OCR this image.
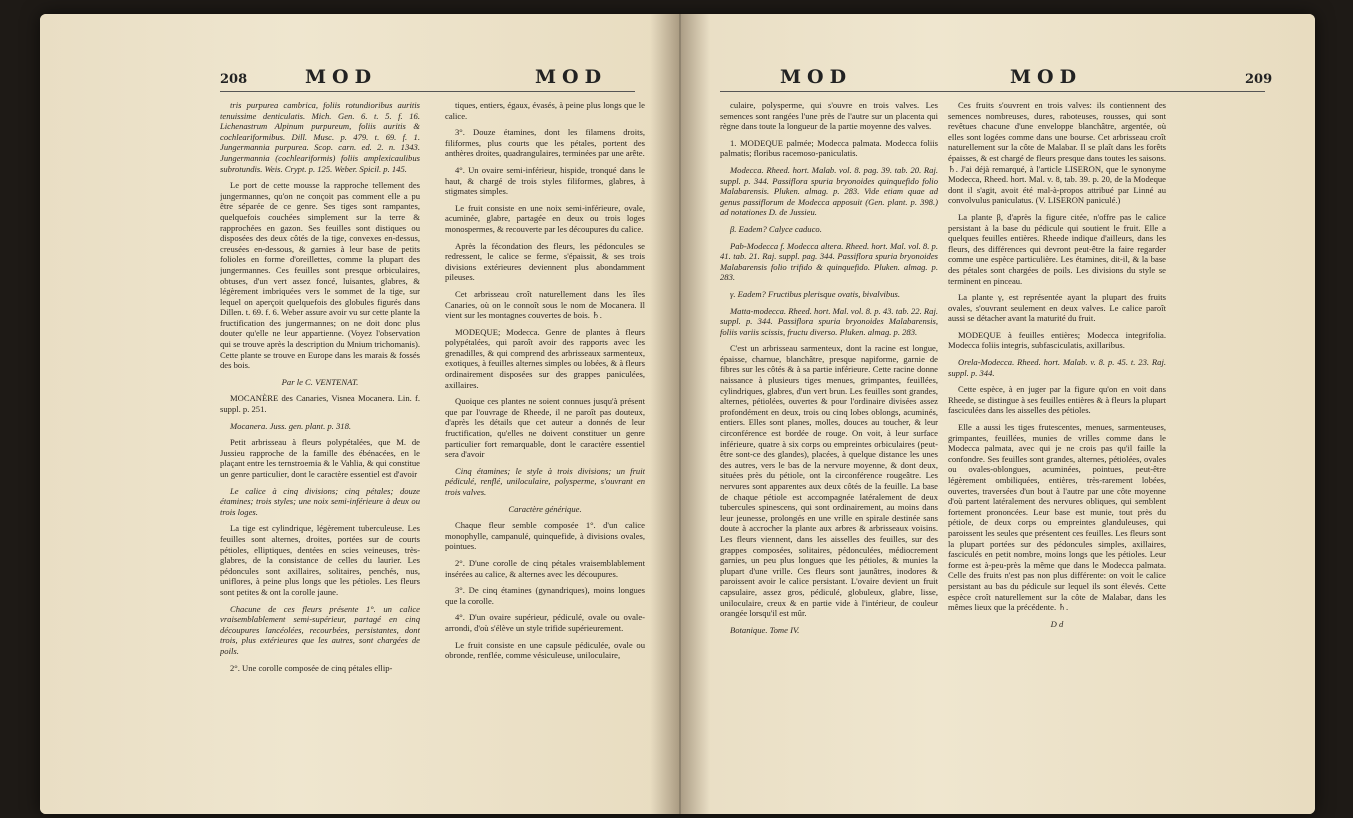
208	MOD	MOD

tris purpurea cambrica, foliis rotundioribus auritis tenuissime denticulatis. Mich. Gen. 6. t. 5. f. 16. Lichenastrum Alpinum purpureum, foliis auritis & cochleariformibus. Dill. Musc. p. 479. t. 69. f. 1. Jungermannia purpurea. Scop. carn. ed. 2. n. 1343. Jungermannia (cochleariformis) foliis amplexicaulibus subrotundis. Weis. Crypt. p. 125. Weber. Spicil. p. 145.

Le port de cette mousse la rapproche tellement des jungermannes, qu'on ne conçoit pas comment elle a pu être séparée de ce genre. Ses tiges sont rampantes, quelquefois couchées simplement sur la terre & rapprochées en gazon. Ses feuilles sont distiques ou disposées des deux côtés de la tige, convexes en-dessus, creusées en-dessous, & garnies à leur base de petits folioles en forme d'oreillettes, comme la plupart des jungermannes. Ces feuilles sont presque orbiculaires, obtuses, d'un vert assez foncé, luisantes, glabres, & légèrement imbriquées vers le sommet de la tige, sur lequel on aperçoit quelquefois des globules figurés dans Dillen. t. 69. f. 6. Weber assure avoir vu sur cette plante la fructification des jungermannes; on ne doit donc plus douter qu'elle ne leur appartienne. (Voyez l'observation qui se trouve après la description du Mnium trichomanis). Cette plante se trouve en Europe dans les marais & fossés des bois.

Par le C. VENTENAT.

MOCANÈRE des Canaries, Visnea Mocanera. Lin. f. suppl. p. 251.

Mocanera. Juss. gen. plant. p. 318.

Petit arbrisseau à fleurs polypétalées, que M. de Jussieu rapproche de la famille des ébénacées, en le plaçant entre les ternstroemia & le Vahlia, & qui constitue un genre particulier, dont le caractère essentiel est d'avoir

Le calice à cinq divisions; cinq pétales; douze étamines; trois styles; une noix semi-inférieure à deux ou trois loges.

La tige est cylindrique, légèrement tuberculeuse. Les feuilles sont alternes, droites, portées sur de courts pétioles, elliptiques, dentées en scies veineuses, très-glabres, de la consistance de celles du laurier. Les pédoncules sont axillaires, solitaires, penchés, nus, uniflores, à peine plus longs que les pétioles. Les fleurs sont petites & ont la corolle jaune.

Chacune de ces fleurs présente 1°. un calice vraisemblablement semi-supérieur, partagé en cinq découpures lancéolées, recourbées, persistantes, dont trois, plus extérieures que les autres, sont chargées de poils.

2°. Une corolle composée de cinq pétales ellip-

tiques, entiers, égaux, évasés, à peine plus longs que le calice.

3°. Douze étamines, dont les filamens droits, filiformes, plus courts que les pétales, portent des anthères droites, quadrangulaires, terminées par une arête.

4°. Un ovaire semi-inférieur, hispide, tronqué dans le haut, & chargé de trois styles filiformes, glabres, à stigmates simples.

Le fruit consiste en une noix semi-inférieure, ovale, acuminée, glabre, partagée en deux ou trois loges monospermes, & recouverte par les découpures du calice.

Après la fécondation des fleurs, les pédoncules se redressent, le calice se ferme, s'épaissit, & ses trois divisions extérieures deviennent plus abondamment pileuses.

Cet arbrisseau croît naturellement dans les îles Canaries, où on le connoît sous le nom de Mocanera. Il vient sur les montagnes couvertes de bois. ♄.

MODEQUE; Modecca. Genre de plantes à fleurs polypétalées, qui paroît avoir des rapports avec les grenadilles, & qui comprend des arbrisseaux sarmenteux, exotiques, à feuilles alternes simples ou lobées, & à fleurs ordinairement disposées sur des grappes paniculées, axillaires.

Quoique ces plantes ne soient connues jusqu'à présent que par l'ouvrage de Rheede, il ne paroît pas douteux, d'après les détails que cet auteur a donnés de leur fructification, qu'elles ne doivent constituer un genre particulier fort remarquable, dont le caractère essentiel sera d'avoir

Cinq étamines; le style à trois divisions; un fruit pédiculé, renflé, uniloculaire, polysperme, s'ouvrant en trois valves.

Caractère générique.

Chaque fleur semble composée 1°. d'un calice monophylle, campanulé, quinquefide, à divisions ovales, pointues.

2°. D'une corolle de cinq pétales vraisemblablement insérées au calice, & alternes avec les découpures.

3°. De cinq étamines (gynandriques), moins longues que la corolle.

4°. D'un ovaire supérieur, pédiculé, ovale ou ovale-arrondi, d'où s'élève un style trifide supérieurement.

Le fruit consiste en une capsule pédiculée, ovale ou obronde, renflée, comme vésiculeuse, uniloculaire,

MOD	MOD	209

culaire, polysperme, qui s'ouvre en trois valves. Les semences sont rangées l'une près de l'autre sur un placenta qui règne dans toute la longueur de la partie moyenne des valves.

1. MODEQUE palmée; Modecca palmata. Modecca foliis palmatis; floribus racemoso-paniculatis.

Modecca. Rheed. hort. Malab. vol. 8. pag. 39. tab. 20. Raj. suppl. p. 344. Passiflora spuria bryonoides quinquefido folio Malabarensis. Pluken. almag. p. 283. Vide etiam quae ad genus passiflorum de Modecca apposuit (Gen. plant. p. 398.) ad notationes D. de Jussieu.

β. Eadem? Calyce caduco.

Pab-Modecca f. Modecca altera. Rheed. hort. Mal. vol. 8. p. 41. tab. 21. Raj. suppl. pag. 344. Passiflora spuria bryonoides Malabarensis folio trifido & quinquefido. Pluken. almag. p. 283.

γ. Eadem? Fructibus plerisque ovatis, bivalvibus.

Matta-modecca. Rheed. hort. Mal. vol. 8. p. 43. tab. 22. Raj. suppl. p. 344. Passiflora spuria bryonoides Malabarensis, foliis variis scissis, fructu diverso. Pluken. almag. p. 283.

C'est un arbrisseau sarmenteux, dont la racine est longue, épaisse, charnue, blanchâtre, presque napiforme, garnie de fibres sur les côtés & à sa partie inférieure. Cette racine donne naissance à plusieurs tiges menues, grimpantes, feuillées, cylindriques, glabres, d'un vert brun. Les feuilles sont grandes, alternes, pétiolées, ouvertes & pour l'ordinaire divisées assez profondément en deux, trois ou cinq lobes oblongs, acuminés, entiers. Elles sont planes, molles, douces au toucher, & leur circonférence est bordée de rouge. On voit, à leur surface inférieure, quatre à six corps ou empreintes orbiculaires (peut-être sont-ce des glandes), placées, à quelque distance les unes des autres, vers le bas de la nervure moyenne, & dont deux, situées près du pétiole, ont la circonférence rougeâtre. Les nervures sont apparentes aux deux côtés de la feuille. La base de chaque pétiole est accompagnée latéralement de deux tubercules spinescens, qui sont ordinairement, au moins dans leur jeunesse, prolongés en une vrille en spirale destinée sans doute à accrocher la plante aux arbres & arbrisseaux voisins. Les fleurs viennent, dans les aisselles des feuilles, sur des grappes composées, solitaires, pédonculées, médiocrement garnies, un peu plus longues que les pétioles, & munies la plupart d'une vrille. Ces fleurs sont jaunâtres, inodores & paroissent avoir le calice persistant. L'ovaire devient un fruit capsulaire, assez gros, pédiculé, globuleux, glabre, lisse, uniloculaire, creux & en partie vide à l'intérieur, de couleur orangée lorsqu'il est mûr.

Botanique. Tome IV.

Ces fruits s'ouvrent en trois valves: ils contiennent des semences nombreuses, dures, raboteuses, rousses, qui sont revêtues chacune d'une enveloppe blanchâtre, argentée, où elles sont logées comme dans une bourse. Cet arbrisseau croît naturellement sur la côte de Malabar. Il se plaît dans les forêts épaisses, & est chargé de fleurs presque dans toutes les saisons. ♄. J'ai déjà remarqué, à l'article LISERON, que le synonyme Modecca, Rheed. hort. Mal. v. 8, tab. 39. p. 20, de la Modeque dont il s'agit, avoit été mal-à-propos attribué par Linné au convolvulus paniculatus. (V. LISERON paniculé.)

La plante β, d'après la figure citée, n'offre pas le calice persistant à la base du pédicule qui soutient le fruit. Elle a quelques feuilles entières. Rheede indique d'ailleurs, dans les fleurs, des différences qui devront peut-être la faire regarder comme une espèce particulière. Les étamines, dit-il, & la base des pétales sont chargées de poils. Les divisions du style se terminent en pinceau.

La plante γ, est représentée ayant la plupart des fruits ovales, s'ouvrant seulement en deux valves. Le calice paroît aussi se détacher avant la maturité du fruit.

MODEQUE à feuilles entières; Modecca integrifolia. Modecca foliis integris, subfasciculatis, axillaribus.

Orela-Modecca. Rheed. hort. Malab. v. 8. p. 45. t. 23. Raj. suppl. p. 344.

Cette espèce, à en juger par la figure qu'on en voit dans Rheede, se distingue à ses feuilles entières & à fleurs la plupart fasciculées dans les aisselles des pétioles.

Elle a aussi les tiges frutescentes, menues, sarmenteuses, grimpantes, feuillées, munies de vrilles comme dans le Modecca palmata, avec qui je ne crois pas qu'il faille la confondre. Ses feuilles sont grandes, alternes, pétiolées, ovales ou ovales-oblongues, acuminées, pointues, peut-être légèrement ombiliquées, entières, très-rarement lobées, ouvertes, traversées d'un bout à l'autre par une côte moyenne d'où partent latéralement des nervures obliques, qui semblent fortement prononcées. Leur base est munie, tout près du pétiole, de deux corps ou empreintes glanduleuses, qui paroissent les seules que présentent ces feuilles. Les fleurs sont la plupart portées sur des pédoncules simples, axillaires, fasciculés en petit nombre, moins longs que les pétioles. Leur forme est à-peu-près la même que dans le Modecca palmata. Celle des fruits n'est pas non plus différente: on voit le calice persistant au bas du pédicule sur lequel ils sont élevés. Cette espèce croît naturellement sur la côte de Malabar, dans les mêmes lieux que la précédente. ♄.

D d
